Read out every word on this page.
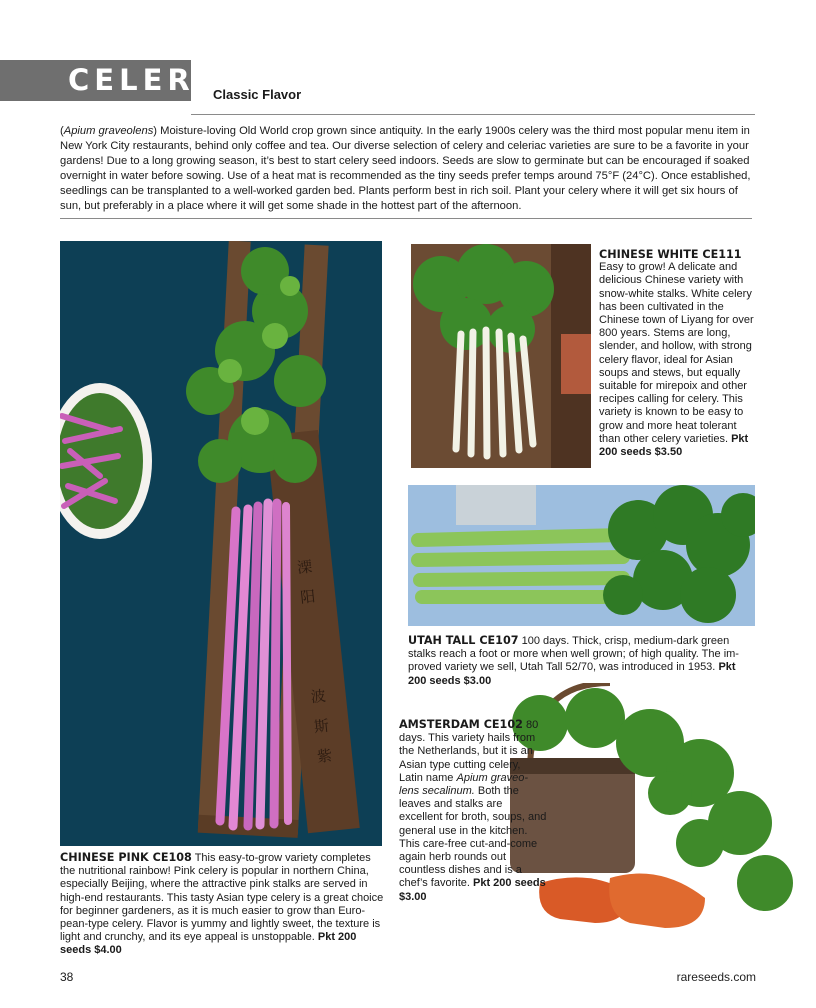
CELERY
Classic Flavor
(Apium graveolens) Moisture-loving Old World crop grown since antiquity. In the early 1900s celery was the third most popular menu item in New York City restaurants, behind only coffee and tea. Our diverse selection of celery and celeriac varieties are sure to be a favorite in your gardens! Due to a long growing season, it’s best to start celery seed indoors. Seeds are slow to germinate but can be encouraged if soaked overnight in water before sowing. Use of a heat mat is recommended as the tiny seeds prefer temps around 75°F (24°C). Once established, seedlings can be transplanted to a well-worked garden bed. Plants perform best in rich soil. Plant your celery where it will get six hours of sun, but preferably in a place where it will get some shade in the hottest part of the afternoon.
溧
阳
波
斯
紫
CHINESE WHITE CE111
Easy to grow! A delicate and delicious Chinese variety with snow-white stalks. White celery has been cultivated in the Chinese town of Liyang for over 800 years. Stems are long, slender, and hollow, with strong celery flavor, ideal for Asian soups and stews, but equally suitable for mirepoix and other recipes calling for celery. This variety is known to be easy to grow and more heat tolerant than other celery varieties. Pkt 200 seeds $3.50
UTAH TALL CE107 100 days. Thick, crisp, medium-dark green stalks reach a foot or more when well grown; of high quality. The im-proved variety we sell, Utah Tall 52/70, was introduced in 1953. Pkt 200 seeds $3.00
AMSTERDAM CE102 80 days. This variety hails from the Netherlands, but it is an Asian type cutting celery, Latin name Apium graveo-lens secalinum. Both the leaves and stalks are excellent for broth, soups, and general use in the kitchen. This care-free cut-and-come again herb rounds out countless dishes and is a chef’s favorite. Pkt 200 seeds $3.00
CHINESE PINK CE108 This easy-to-grow variety completes the nutritional rainbow! Pink celery is popular in northern China, especially Beijing, where the attractive pink stalks are served in high-end restaurants. This tasty Asian type celery is a great choice for beginner gardeners, as it is much easier to grow than Euro-pean-type celery. Flavor is yummy and lightly sweet, the texture is light and crunchy, and its eye appeal is unstoppable. Pkt 200 seeds $4.00
38	rareseeds.com
